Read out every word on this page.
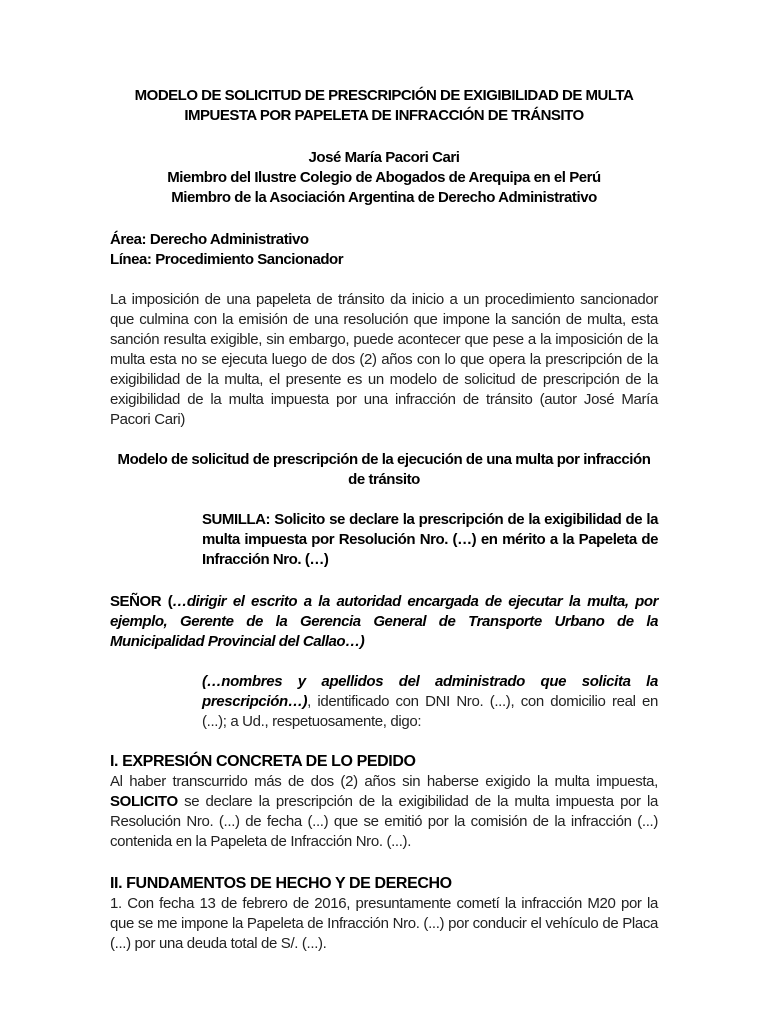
MODELO DE SOLICITUD DE PRESCRIPCIÓN DE EXIGIBILIDAD DE MULTA
IMPUESTA POR PAPELETA DE INFRACCIÓN DE TRÁNSITO
José María Pacori Cari
Miembro del Ilustre Colegio de Abogados de Arequipa en el Perú
Miembro de la Asociación Argentina de Derecho Administrativo
Área: Derecho Administrativo
Línea: Procedimiento Sancionador

La imposición de una papeleta de tránsito da inicio a un procedimiento sancionador que culmina con la emisión de una resolución que impone la sanción de multa, esta sanción resulta exigible, sin embargo, puede acontecer que pese a la imposición de la multa esta no se ejecuta luego de dos (2) años con lo que opera la prescripción de la exigibilidad de la multa, el presente es un modelo de solicitud de prescripción de la exigibilidad de la multa impuesta por una infracción de tránsito (autor José María Pacori Cari)

Modelo de solicitud de prescripción de la ejecución de una multa por infracción de tránsito

SUMILLA: Solicito se declare la prescripción de la exigibilidad de la multa impuesta por Resolución Nro. (…) en mérito a la Papeleta de Infracción Nro. (…)

SEÑOR (…dirigir el escrito a la autoridad encargada de ejecutar la multa, por ejemplo, Gerente de la Gerencia General de Transporte Urbano de la Municipalidad Provincial del Callao…)

(…nombres y apellidos del administrado que solicita la prescripción…), identificado con DNI Nro. (...), con domicilio real en (...); a Ud., respetuosamente, digo:

I. EXPRESIÓN CONCRETA DE LO PEDIDO

Al haber transcurrido más de dos (2) años sin haberse exigido la multa impuesta, SOLICITO se declare la prescripción de la exigibilidad de la multa impuesta por la Resolución Nro. (...) de fecha (...) que se emitió por la comisión de la infracción (...) contenida en la Papeleta de Infracción Nro. (...).

II. FUNDAMENTOS DE HECHO Y DE DERECHO

1. Con fecha 13 de febrero de 2016, presuntamente cometí la infracción M20 por la que se me impone la Papeleta de Infracción Nro. (...) por conducir el vehículo de Placa (...) por una deuda total de S/. (...).
